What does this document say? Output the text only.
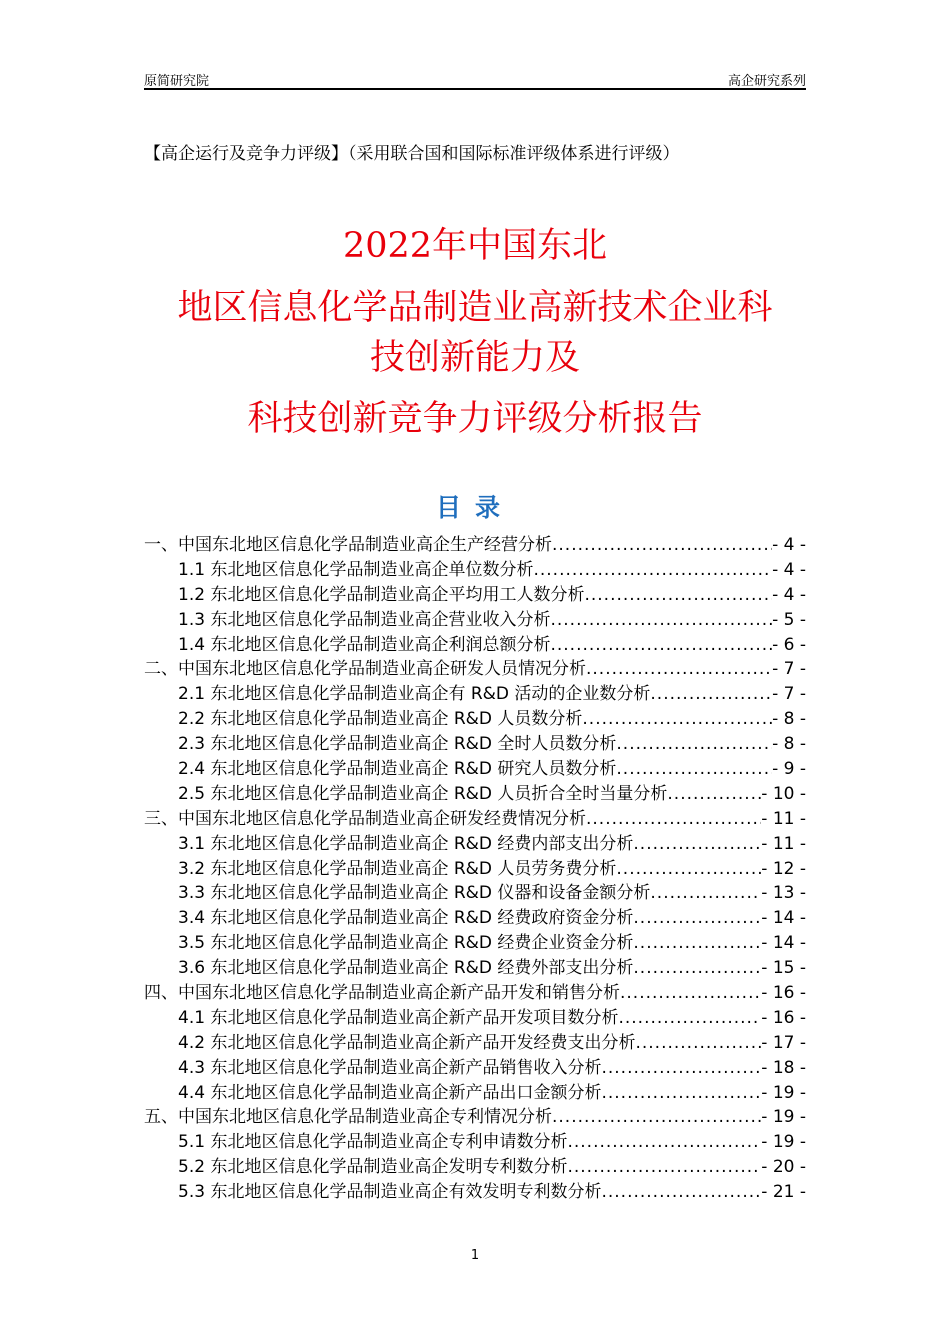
原简研究院	高企研究系列
【高企运行及竞争力评级】（采用联合国和国际标准评级体系进行评级）
2022年中国东北
地区信息化学品制造业高新技术企业科
技创新能力及
科技创新竞争力评级分析报告
目录
一、中国东北地区信息化学品制造业高企生产经营分析 .....	- 4 -
1.1 东北地区信息化学品制造业高企单位数分析 .....	- 4 -
1.2 东北地区信息化学品制造业高企平均用工人数分析 .....	- 4 -
1.3 东北地区信息化学品制造业高企营业收入分析 .....	- 5 -
1.4 东北地区信息化学品制造业高企利润总额分析 .....	- 6 -
二、中国东北地区信息化学品制造业高企研发人员情况分析 .....	- 7 -
2.1 东北地区信息化学品制造业高企有 R&D 活动的企业数分析 .....	- 7 -
2.2 东北地区信息化学品制造业高企 R&D 人员数分析 .....	- 8 -
2.3 东北地区信息化学品制造业高企 R&D 全时人员数分析 .....	- 8 -
2.4 东北地区信息化学品制造业高企 R&D 研究人员数分析 .....	- 9 -
2.5 东北地区信息化学品制造业高企 R&D 人员折合全时当量分析 .....	- 10 -
三、中国东北地区信息化学品制造业高企研发经费情况分析 .....	- 11 -
3.1 东北地区信息化学品制造业高企 R&D 经费内部支出分析 .....	- 11 -
3.2 东北地区信息化学品制造业高企 R&D 人员劳务费分析 .....	- 12 -
3.3 东北地区信息化学品制造业高企 R&D 仪器和设备金额分析 .....	- 13 -
3.4 东北地区信息化学品制造业高企 R&D 经费政府资金分析 .....	- 14 -
3.5 东北地区信息化学品制造业高企 R&D 经费企业资金分析 .....	- 14 -
3.6 东北地区信息化学品制造业高企 R&D 经费外部支出分析 .....	- 15 -
四、中国东北地区信息化学品制造业高企新产品开发和销售分析 .....	- 16 -
4.1 东北地区信息化学品制造业高企新产品开发项目数分析 .....	- 16 -
4.2 东北地区信息化学品制造业高企新产品开发经费支出分析 .....	- 17 -
4.3 东北地区信息化学品制造业高企新产品销售收入分析 .....	- 18 -
4.4 东北地区信息化学品制造业高企新产品出口金额分析 .....	- 19 -
五、中国东北地区信息化学品制造业高企专利情况分析 .....	- 19 -
5.1 东北地区信息化学品制造业高企专利申请数分析 .....	- 19 -
5.2 东北地区信息化学品制造业高企发明专利数分析 .....	- 20 -
5.3 东北地区信息化学品制造业高企有效发明专利数分析 .....	- 21 -
1
